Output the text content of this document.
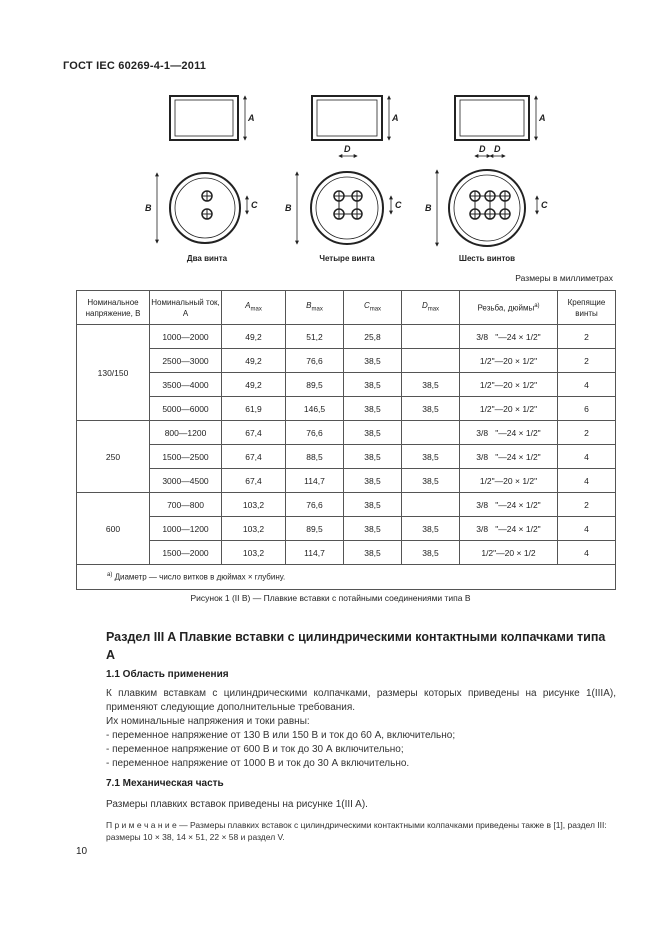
ГОСТ IEC 60269-4-1—2011
A	A	A
B	C
Два винта
D
B	C
Четыре винта
D D
B	C
Шесть винтов
Размеры в миллиметрах
Номинальное напряжение, В	Номинальный ток, А	$A_{max}$	$B_{max}$	$C_{max}$	$D_{max}$	Резьба, дюймы$^{a)}$	Крепящие винты
130/150	1000—2000	49,2	51,2	25,8		3/8   "—24 × 1/2"	2
	2500—3000	49,2	76,6	38,5		1/2"—20 × 1/2"	2
	3500—4000	49,2	89,5	38,5	38,5	1/2"—20 × 1/2"	4
	5000—6000	61,9	146,5	38,5	38,5	1/2"—20 × 1/2"	6
250	800—1200	67,4	76,6	38,5		3/8   "—24 × 1/2"	2
	1500—2500	67,4	88,5	38,5	38,5	3/8   "—24 × 1/2"	4
	3000—4500	67,4	114,7	38,5	38,5	1/2"—20 × 1/2"	4
600	700—800	103,2	76,6	38,5		3/8   "—24 × 1/2"	2
	1000—1200	103,2	89,5	38,5	38,5	3/8   "—24 × 1/2"	4
	1500—2000	103,2	114,7	38,5	38,5	1/2"—20 × 1/2	4
$^{a)}$ Диаметр — число витков в дюймах × глубину.							
Рисунок 1 (II B) — Плавкие вставки с потайными соединениями типа B
Раздел III A Плавкие вставки с цилиндрическими контактными колпачками типа A
1.1 Область применения
К плавким вставкам с цилиндрическими колпачками, размеры которых приведены на рисунке 1(IIIA), применяют следующие дополнительные требования.
Их номинальные напряжения и токи равны:
- переменное напряжение от 130 В или 150 В и ток до 60 А, включительно;
- переменное напряжение от 600 В и ток до 30 А включительно;
- переменное напряжение от 1000 В и ток до 30 А включительно.
7.1 Механическая часть
Размеры плавких вставок приведены на рисунке 1(III A).
П р и м е ч а н и е — Размеры плавких вставок с цилиндрическими контактными колпачками приведены также в [1], раздел III: размеры 10 × 38, 14 × 51, 22 × 58 и раздел V.
10
